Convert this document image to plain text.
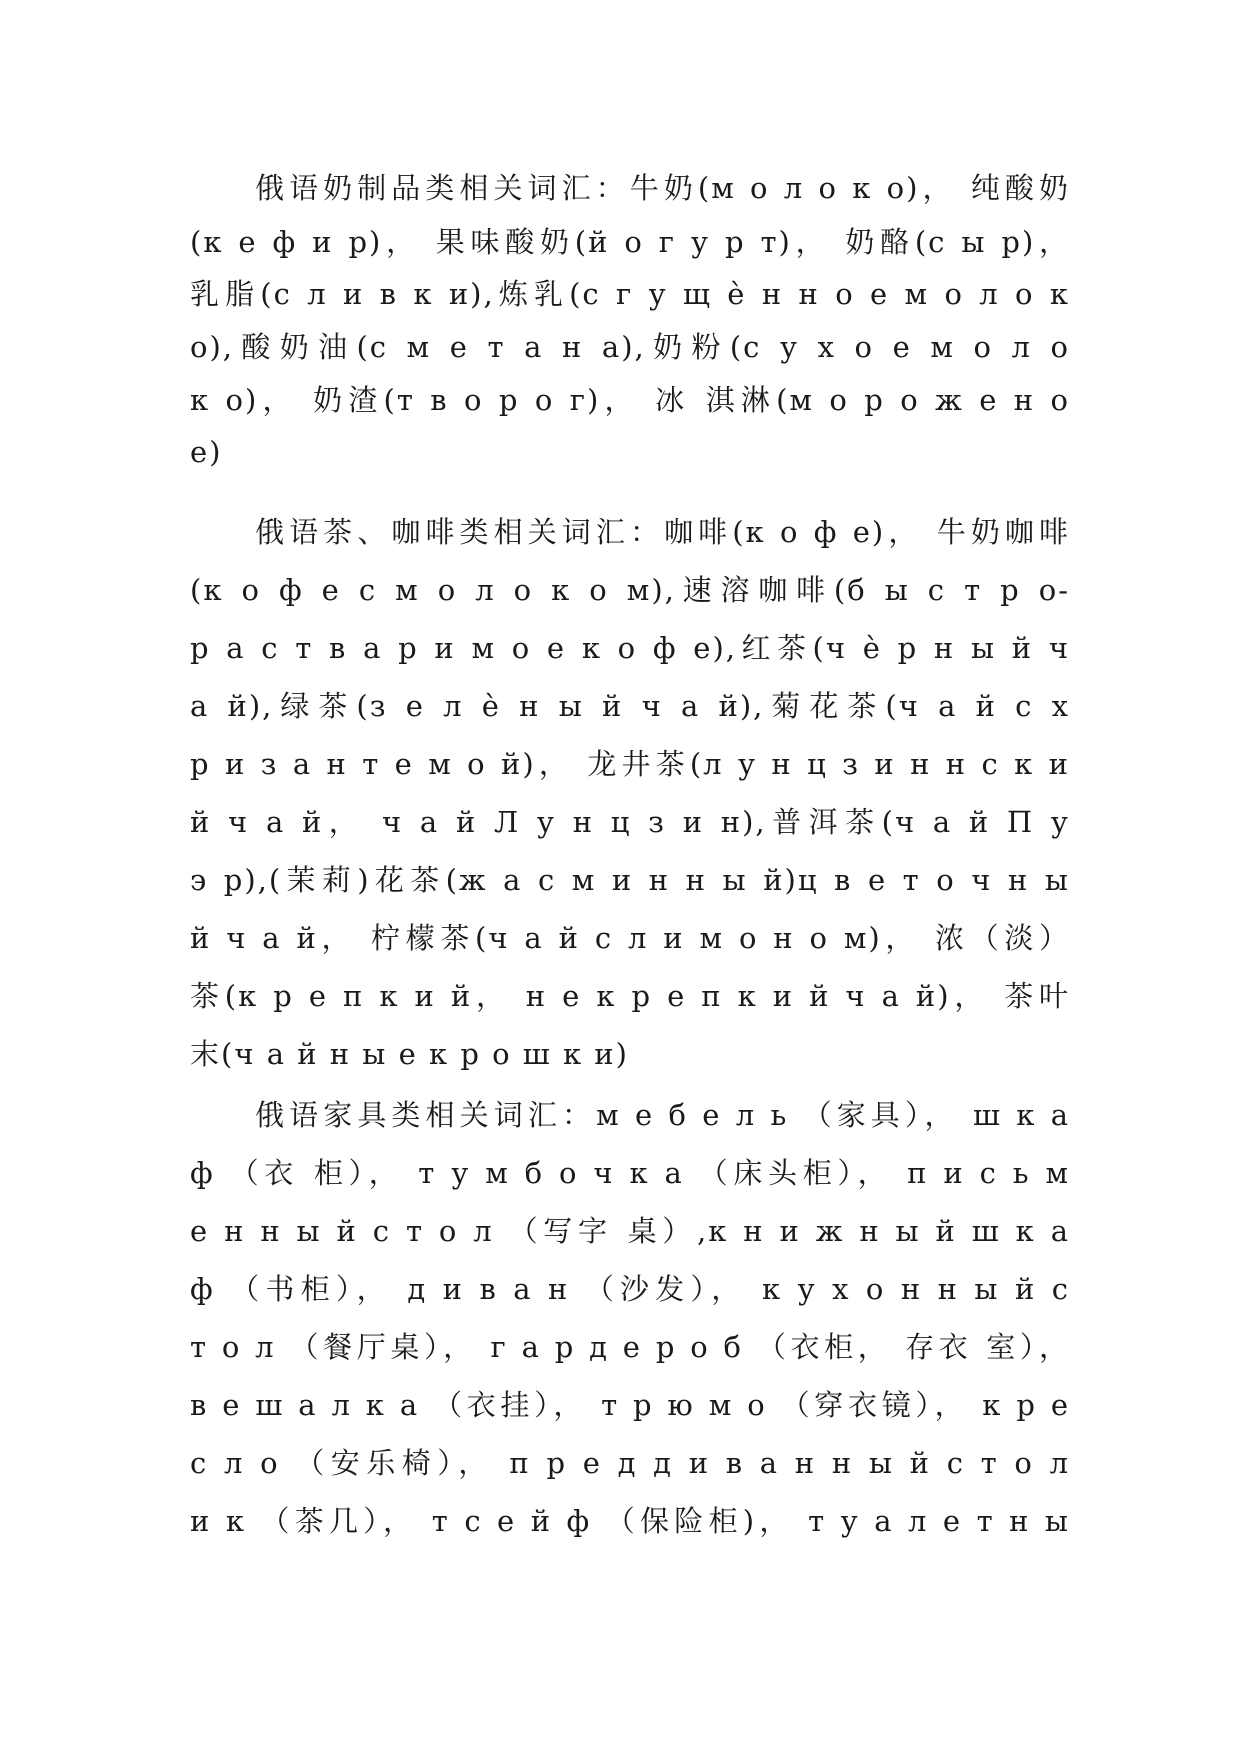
俄语奶制品类相关词汇：牛奶(м о л о к о)， 纯酸奶
(к е ф и р)， 果味酸奶(й о г у р т)， 奶酪(с ы р)，
乳脂(с л и в к и),炼乳(с г у щ ѐ н н о е м о л о к
о),酸奶油(с м е т а н а),奶粉(с у х о е м о л о
к о)， 奶渣(т в о р о г)， 冰 淇淋(м о р о ж е н о
е)
俄语茶、咖啡类相关词汇：咖啡(к о ф е)， 牛奶咖啡
(к о ф е с м о л о к о м),速溶咖啡(б ы с т р о-
р а с т в а р и м о е к о ф е),红茶(ч ѐ р н ы й ч
а й),绿茶(з е л ѐ н ы й ч а й),菊花茶(ч а й с х
р и з а н т е м о й)， 龙井茶(л у н ц з и н н с к и
й ч а й， ч а й Л у н ц з и н),普洱茶(ч а й П у
э р),(茉莉)花茶(ж а с м и н н ы й)ц в е т о ч н ы
й ч а й， 柠檬茶(ч а й с л и м о н о м)， 浓（淡）
茶(к р е п к и й， н е к р е п к и й ч а й)， 茶叶
末(ч а й н ы е к р о ш к и)
俄语家具类相关词汇：м е б е л ь （家具）， ш к а
ф （衣 柜）， т у м б о ч к а （床头柜）， п и с ь м
е н н ы й с т о л （写字 桌）,к н и ж н ы й ш к а
ф （书柜）， д и в а н （沙发）， к у х о н н ы й с
т о л （餐厅桌）， г а р д е р о б （衣柜， 存衣 室），
в е ш а л к а （衣挂）， т р ю м о （穿衣镜）， к р е
с л о （安乐椅）， п р е д д и в а н н ы й с т о л
и к （茶几）， т с е й ф （保险柜)， т у а л е т н ы
